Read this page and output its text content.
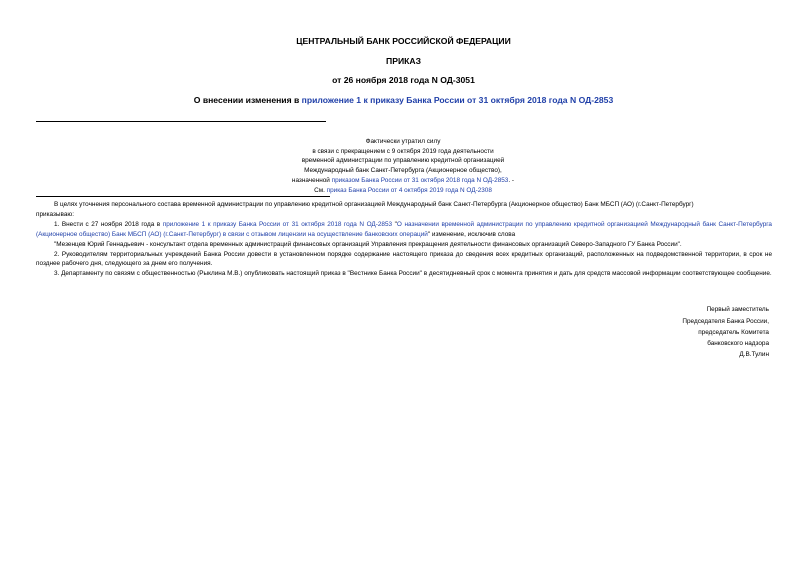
ЦЕНТРАЛЬНЫЙ БАНК РОССИЙСКОЙ ФЕДЕРАЦИИ
ПРИКАЗ
от 26 ноября 2018 года N ОД-3051
О внесении изменения в приложение 1 к приказу Банка России от 31 октября 2018 года N ОД-2853
Фактически утратил силу
в связи с прекращением с 9 октября 2019 года деятельности
временной администрации по управлению кредитной организацией
Международный банк Санкт-Петербурга (Акционерное общество),
назначенной приказом Банка России от 31 октября 2018 года N ОД-2853. -
См. приказ Банка России от 4 октября 2019 года N ОД-2308

В целях уточнения персонального состава временной администрации по управлению кредитной организацией Международный банк Санкт-Петербурга (Акционерное общество) Банк МБСП (АО) (г.Санкт-Петербург)

приказываю:

1. Внести с 27 ноября 2018 года в приложение 1 к приказу Банка России от 31 октября 2018 года N ОД-2853 "О назначении временной администрации по управлению кредитной организацией Международный банк Санкт-Петербурга (Акционерное общество) Банк МБСП (АО) (г.Санкт-Петербург) в связи с отзывом лицензии на осуществление банковских операций" изменение, исключив слова

"Мезенцев Юрий Геннадьевич - консультант отдела временных администраций финансовых организаций Управления прекращения деятельности финансовых организаций Северо-Западного ГУ Банка России".

2. Руководителям территориальных учреждений Банка России довести в установленном порядке содержание настоящего приказа до сведения всех кредитных организаций, расположенных на подведомственной территории, в срок не позднее рабочего дня, следующего за днем его получения.

3. Департаменту по связям с общественностью (Рыклина М.В.) опубликовать настоящий приказ в "Вестнике Банка России" в десятидневный срок с момента принятия и дать для средств массовой информации соответствующее сообщение.

Первый заместитель
Председателя Банка России,
председатель Комитета
банковского надзора
Д.В.Тулин
